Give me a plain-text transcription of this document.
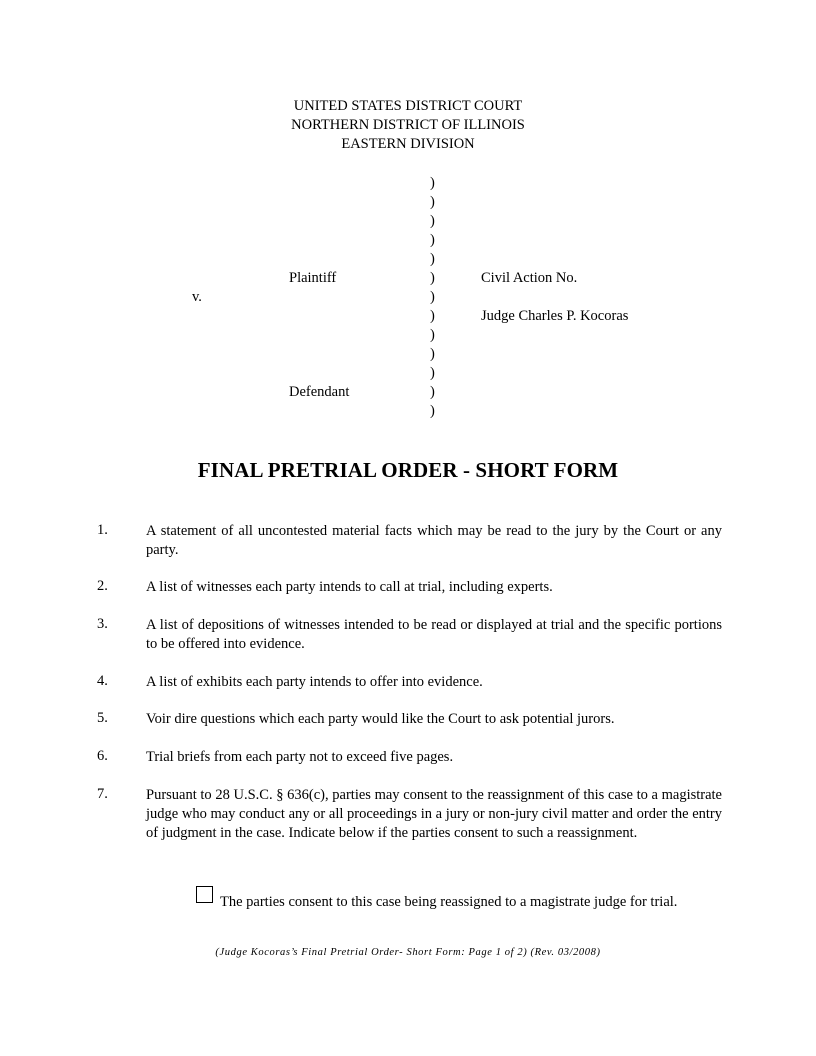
UNITED STATES DISTRICT COURT
NORTHERN DISTRICT OF ILLINOIS
EASTERN DIVISION
)
)
)
)
)
)
)
)
)
)
)
)
)
Plaintiff
v.
Defendant
Civil Action No.
Judge Charles P. Kocoras
FINAL PRETRIAL ORDER - SHORT FORM
1.	A statement of all uncontested material facts which may be read to the jury by the Court or any party.
2.	A list of witnesses each party intends to call at trial, including experts.
3.	A list of depositions of witnesses intended to be read or displayed at trial and the specific portions to be offered into evidence.
4.	A list of exhibits each party intends to offer into evidence.
5.	Voir dire questions which each party would like the Court to ask potential jurors.
6.	Trial briefs from each party not to exceed five pages.
7.	Pursuant to 28 U.S.C. § 636(c), parties may consent to the reassignment of this case to a magistrate judge who may conduct any or all proceedings in a jury or non-jury civil matter and order the entry of judgment in the case. Indicate below if the parties consent to such a reassignment.
The parties consent to this case being reassigned to a magistrate judge for trial.
(Judge Kocoras’s Final Pretrial Order- Short Form: Page 1 of 2) (Rev. 03/2008)
